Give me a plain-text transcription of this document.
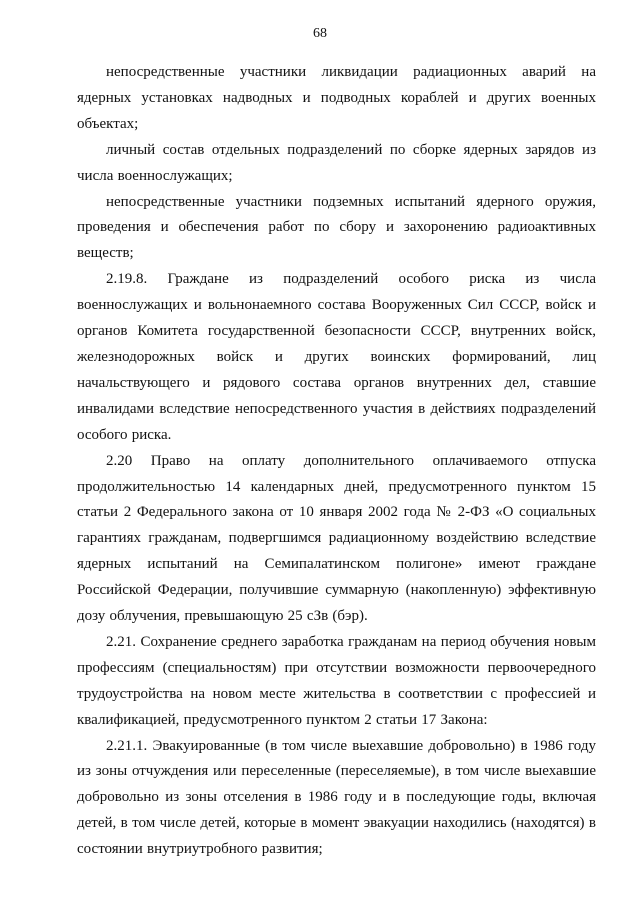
68

непосредственные участники ликвидации радиационных аварий на ядерных установках надводных и подводных кораблей и других военных объектах;

личный состав отдельных подразделений по сборке ядерных зарядов из числа военнослужащих;

непосредственные участники подземных испытаний ядерного оружия, проведения и обеспечения работ по сбору и захоронению радиоактивных веществ;

2.19.8. Граждане из подразделений особого риска из числа военнослужащих и вольнонаемного состава Вооруженных Сил СССР, войск и органов Комитета государственной безопасности СССР, внутренних войск, железнодорожных войск и других воинских формирований, лиц начальствующего и рядового состава органов внутренних дел, ставшие инвалидами вследствие непосредственного участия в действиях подразделений особого риска.

2.20 Право на оплату дополнительного оплачиваемого отпуска продолжительностью 14 календарных дней, предусмотренного пунктом 15 статьи 2 Федерального закона от 10 января 2002 года № 2-ФЗ «О социальных гарантиях гражданам, подвергшимся радиационному воздействию вследствие ядерных испытаний на Семипалатинском полигоне» имеют граждане Российской Федерации, получившие суммарную (накопленную) эффективную дозу облучения, превышающую 25 сЗв (бэр).

2.21. Сохранение среднего заработка гражданам на период обучения новым профессиям (специальностям) при отсутствии возможности первоочередного трудоустройства на новом месте жительства в соответствии с профессией и квалификацией, предусмотренного пунктом 2 статьи 17 Закона:

2.21.1. Эвакуированные (в том числе выехавшие добровольно) в 1986 году из зоны отчуждения или переселенные (переселяемые), в том числе выехавшие добровольно из зоны отселения в 1986 году и в последующие годы, включая детей, в том числе детей, которые в момент эвакуации находились (находятся) в состоянии внутриутробного развития;
